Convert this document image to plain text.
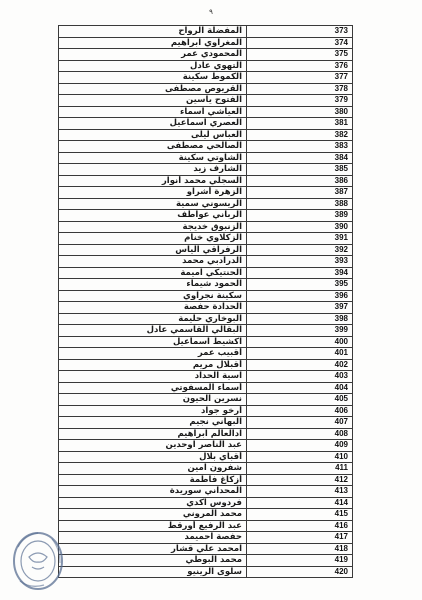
٩
المفضلة الرواح	373
المغراوي ابراهيم	374
المحمودي عمر	375
التهوي عادل	376
الكموط سكينة	377
القريوص مصطفى	378
الفتوح ياسين	379
العياشي اسماء	380
العصري اسماعيل	381
العباس ليلى	382
الصالحي مصطفى	383
الشاوتي سكينة	384
الشارف زيد	385
السجلي محمد أنوار	386
الزهرة أشراو	387
الريسوني سمية	388
الرباني عواطف	389
الزنبوق خديجة	390
الزكلاوي خنام	391
الرفراقي الياس	392
الدرادبي محمد	393
الحنتيكي اميمة	394
الحمود شيماء	395
سكينة نجراوي	396
الحدادة حفصة	397
البوخاري حليمة	398
البقالي القاسمي عادل	399
اكشيط اسماعيل	400
أقبيب عمر	401
أقبلال مريم	402
اسية الحداد	403
أسماء المسفوتي	404
نسرين الحيون	405
أرخو جواد	406
البهاني نجيم	407
ادالعالم ابراهيم	408
عبد الناصر اوحدين	409
أقباي بلال	410
شفرون امين	411
أزكاغ فاطمة	412
المحداني سوريدة	413
فردوس اكدي	414
محمد المروني	415
عبد الرفيع أورقط	416
حفصة احميمد	417
امحمد علي قشار	418
محمد البوطي	419
سلوى الرينيو	420
